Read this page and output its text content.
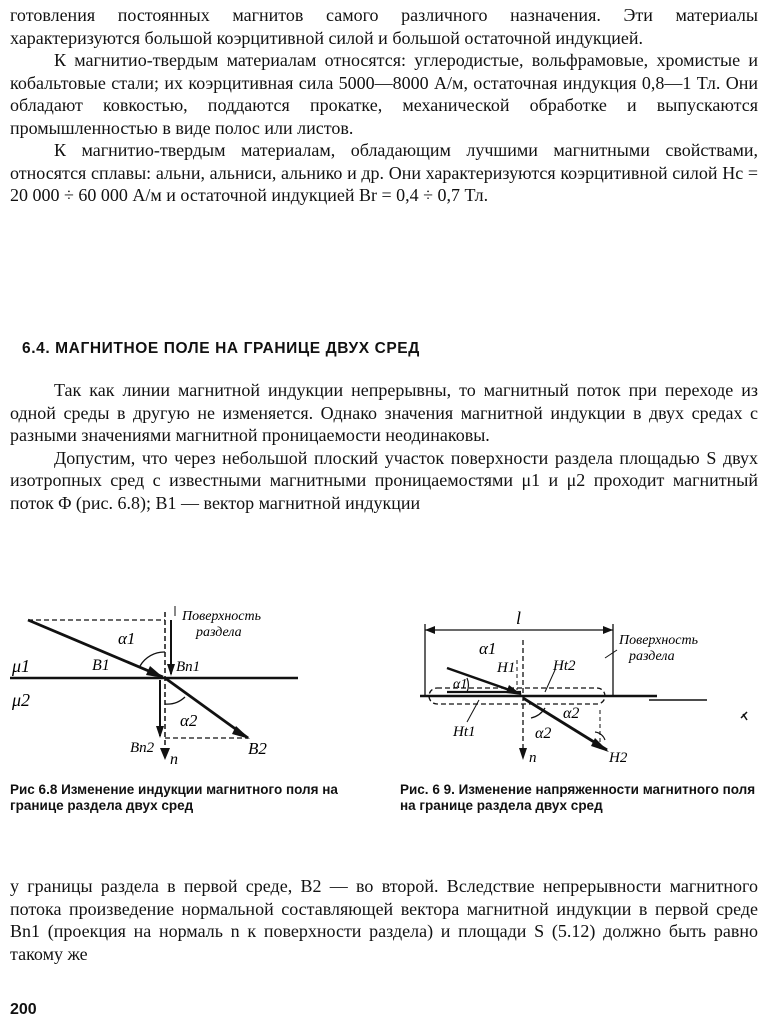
готовления постоянных магнитов самого различного назначения. Эти материалы характеризуются большой коэрцитивной силой и большой остаточной индукцией.

К магнитио-твердым материалам относятся: углеродистые, вольфрамовые, хромистые и кобальтовые стали; их коэрцитивная сила 5000—8000 А/м, остаточная индукция 0,8—1 Тл. Они обладают ковкостью, поддаются прокатке, механической обработке и выпускаются промышленностью в виде полос или листов.

К магнитио-твердым материалам, обладающим лучшими магнитными свойствами, относятся сплавы: альни, альниси, альнико и др. Они характеризуются коэрцитивной силой Hc = 20 000 ÷ 60 000 А/м и остаточной индукцией Br = 0,4 ÷ 0,7 Тл.

6.4. МАГНИТНОЕ ПОЛЕ НА ГРАНИЦЕ ДВУХ СРЕД

Так как линии магнитной индукции непрерывны, то магнитный поток при переходе из одной среды в другую не изменяется. Однако значения магнитной индукции в двух средах с разными значениями магнитной проницаемости неодинаковы.

Допустим, что через небольшой плоский участок поверхности раздела площадью S двух изотропных сред с известными магнитными проницаемостями μ1 и μ2 проходит магнитный поток Φ (рис. 6.8); B1 — вектор магнитной индукции

Поверхность
раздела
α1
μ1
μ2
B1	Bn1
α2
Bn2
n
B2

Рис 6.8 Изменение индукции магнитного поля на границе раздела двух сред

l
Поверхность
раздела
α1
α1
H1	Ht2
Ht1
α2
α2
n	H2

Рис. 6 9. Изменение напряженности магнитного поля на границе раздела двух сред

у границы раздела в первой среде, B2 — во второй. Вследствие непрерывности магнитного потока произведение нормальной составляющей вектора магнитной индукции в первой среде Bn1 (проекция на нормаль n к поверхности раздела) и площади S (5.12) должно быть равно такому же

200
